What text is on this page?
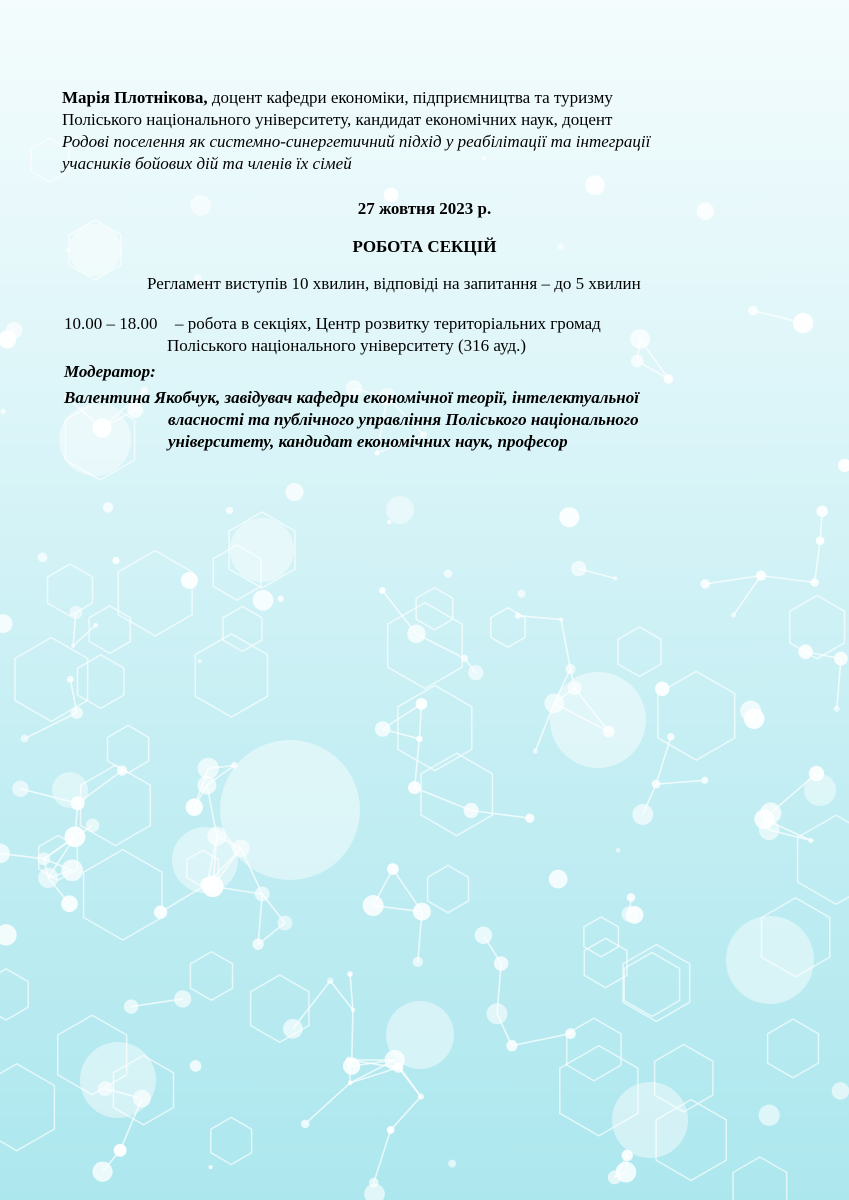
Марія Плотнікова, доцент кафедри економіки, підприємництва та туризму
Поліського національного університету, кандидат економічних наук, доцент
Родові поселення як системно-синергетичний підхід у реабілітації та інтеграції
учасників бойових дій та членів їх сімей
27 жовтня 2023 р.
РОБОТА СЕКЦІЙ
Регламент виступів 10 хвилин, відповіді на запитання – до 5 хвилин
10.00 – 18.00 – робота в секціях, Центр розвитку територіальних громад
Поліського національного університету (316 ауд.)
Модератор:
Валентина Якобчук, завідувач кафедри економічної теорії, інтелектуальної
власності та публічного управління Поліського національного
університету, кандидат економічних наук, професор
